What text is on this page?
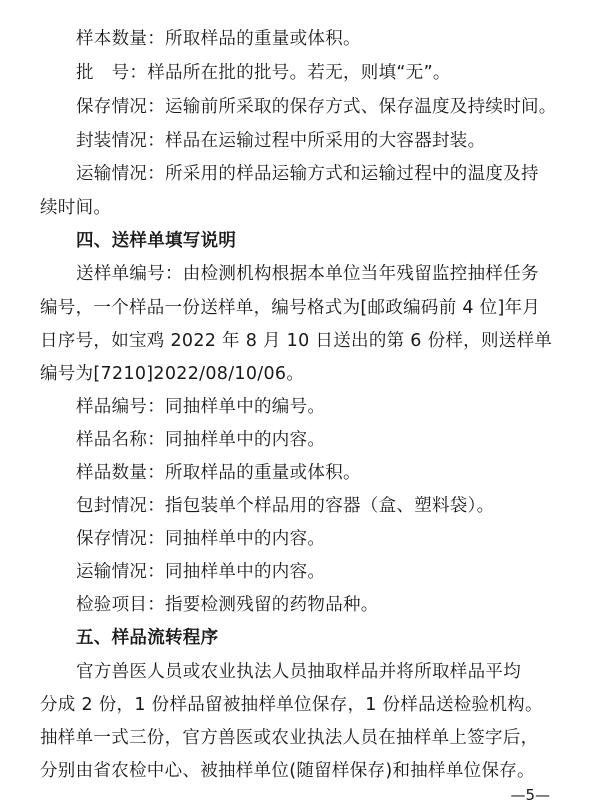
样本数量：所取样品的重量或体积。
批　号：样品所在批的批号。若无，则填“无”。
保存情况：运输前所采取的保存方式、保存温度及持续时间。
封装情况：样品在运输过程中所采用的大容器封装。
运输情况：所采用的样品运输方式和运输过程中的温度及持
续时间。
四、送样单填写说明
送样单编号：由检测机构根据本单位当年残留监控抽样任务
编号，一个样品一份送样单，编号格式为[邮政编码前 4 位]年月
日序号，如宝鸡 2022 年 8 月 10 日送出的第 6 份样，则送样单
编号为[7210]2022/08/10/06。
样品编号：同抽样单中的编号。
样品名称：同抽样单中的内容。
样品数量：所取样品的重量或体积。
包封情况：指包装单个样品用的容器（盒、塑料袋）。
保存情况：同抽样单中的内容。
运输情况：同抽样单中的内容。
检验项目：指要检测残留的药物品种。
五、样品流转程序
官方兽医人员或农业执法人员抽取样品并将所取样品平均
分成 2 份，1 份样品留被抽样单位保存，1 份样品送检验机构。
抽样单一式三份，官方兽医或农业执法人员在抽样单上签字后，
分别由省农检中心、被抽样单位(随留样保存)和抽样单位保存。
—5—
